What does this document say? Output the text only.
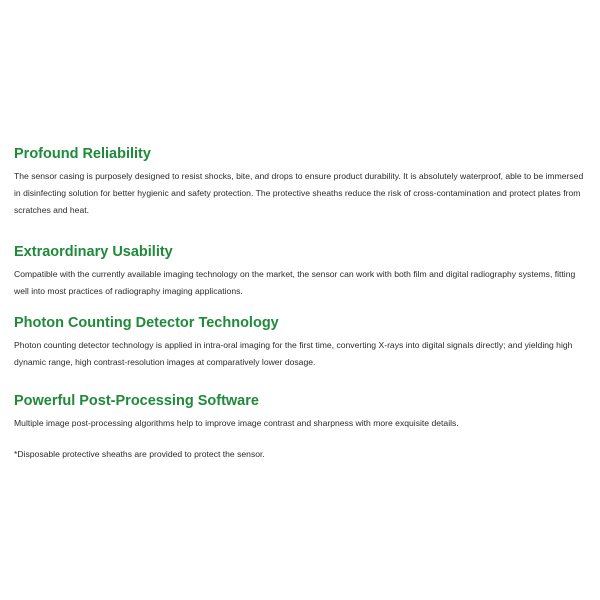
Profound Reliability

The sensor casing is purposely designed to resist shocks, bite, and drops to ensure product durability. It is absolutely waterproof, able to be immersed in disinfecting solution for better hygienic and safety protection. The protective sheaths reduce the risk of cross-contamination and protect plates from scratches and heat.

Extraordinary Usability

Compatible with the currently available imaging technology on the market, the sensor can work with both film and digital radiography systems, fitting well into most practices of radiography imaging applications.

Photon Counting Detector Technology

Photon counting detector technology is applied in intra-oral imaging for the first time, converting X-rays into digital signals directly; and yielding high dynamic range, high contrast-resolution images at comparatively lower dosage.

Powerful Post-Processing Software

Multiple image post-processing algorithms help to improve image contrast and sharpness with more exquisite details.

*Disposable protective sheaths are provided to protect the sensor.
